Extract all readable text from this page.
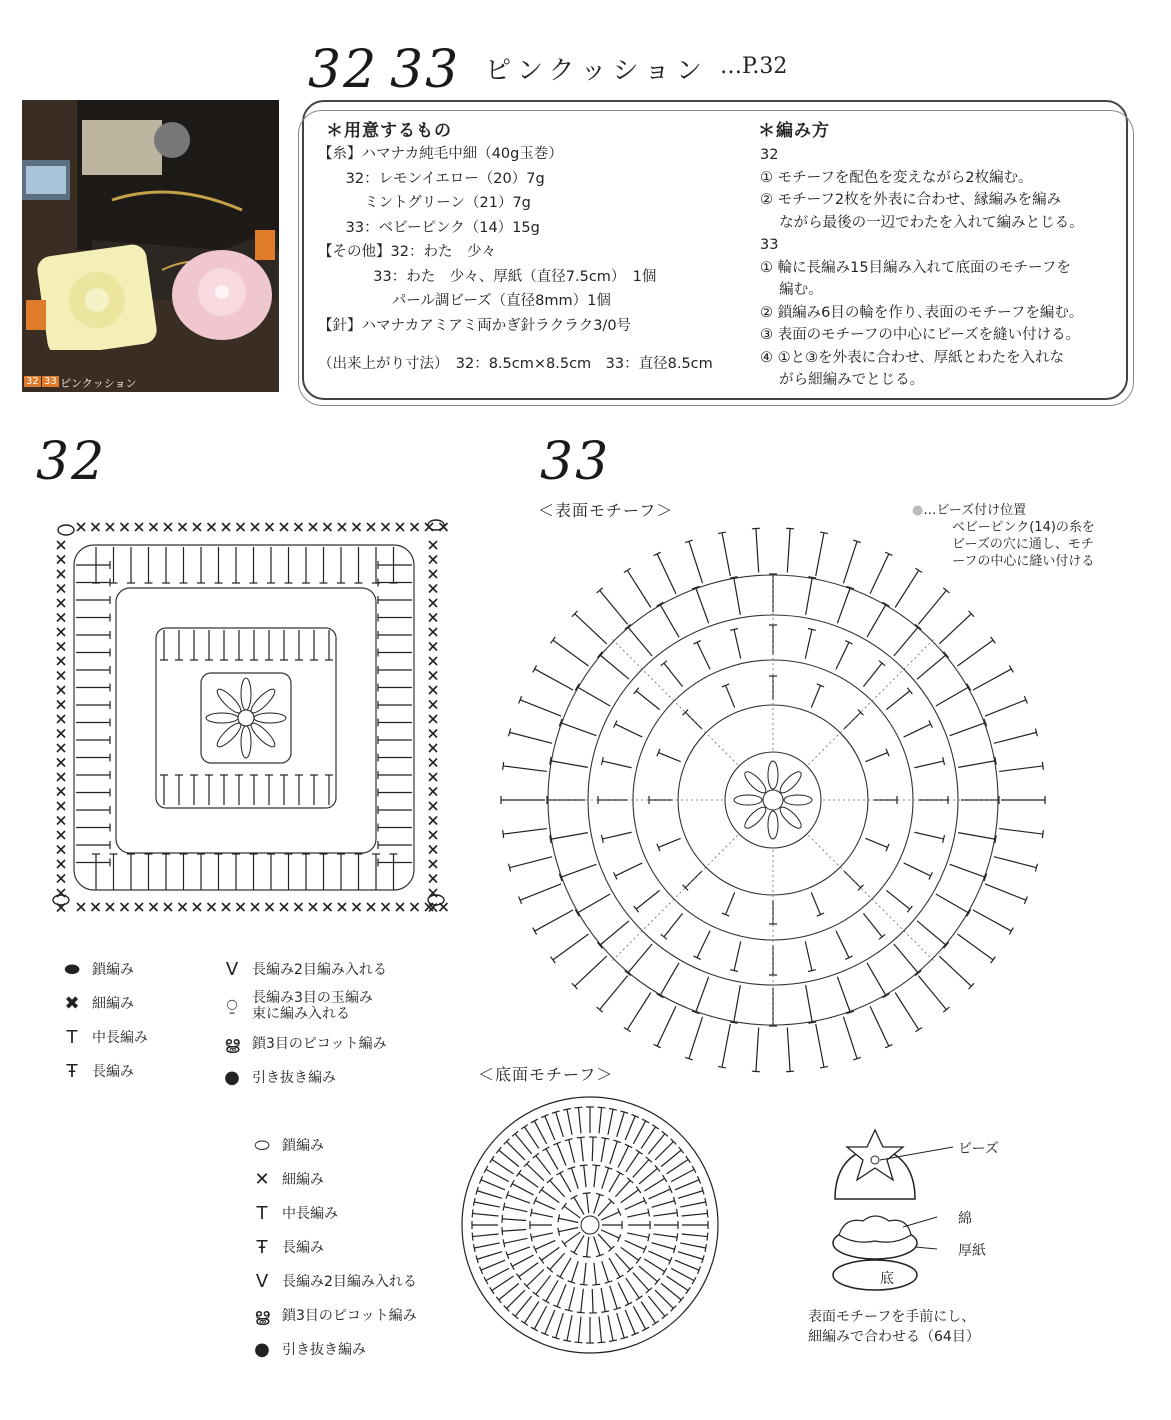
32 33 ピンクッション …P.32
32 33 ピンクッション
＊用意するもの
【糸】ハマナカ純毛中細（40g玉巻）
32：レモンイエロー（20）7g
ミントグリーン（21）7g
33：ベビーピンク（14）15g
【その他】32：わた　少々
33：わた　少々、厚紙（直径7.5cm）　1個
パール調ビーズ（直径8mm）1個
【針】ハマナカアミアミ両かぎ針ラクラク3/0号
（出来上がり寸法）　32：8.5cm×8.5cm　33：直径8.5cm
＊編み方
32
① モチーフを配色を変えながら2枚編む。
② モチーフ2枚を外表に合わせ、縁編みを編み
　 ながら最後の一辺でわたを入れて編みとじる。
33
① 輪に長編み15目編み入れて底面のモチーフを
　 編む。
② 鎖編み6目の輪を作り､表面のモチーフを編む。
③ 表面のモチーフの中心にビーズを縫い付ける。
④ ①と③を外表に合わせ、厚紙とわたを入れな
　 がら細編みでとじる。
32
⬬ 鎖編み
✖ 細編み
T	中長編み
Ŧ	長編み
V 長編み2目編み入れる
⍜	長編み3目の玉編み
束に編み入れる
ൠ 鎖3目のピコット編み
● 引き抜き編み
33
＜表面モチーフ＞	●…ビーズ付け位置
ベビーピンク(14)の糸を
ビーズの穴に通し、モチ
ーフの中心に縫い付ける
＜底面モチーフ＞
⬭ 鎖編み
✕ 細編み
T	中長編み
Ŧ	長編み
V 長編み2目編み入れる
ൠ 鎖3目のピコット編み
● 引き抜き編み
ビーズ
綿
厚紙
底
表面モチーフを手前にし、
細編みで合わせる（64目）
